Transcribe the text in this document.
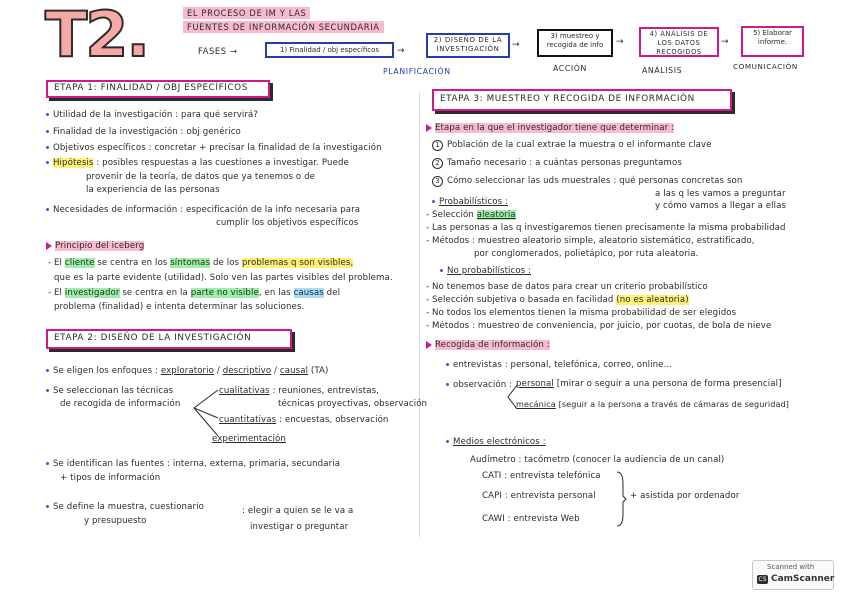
T2.	EL PROCESO DE IM Y LAS
FUENTES DE INFORMACIÓN SECUNDARIA
FASES →	1) Finalidad / obj específicos
PLANIFICACIÓN
→
2) DISEÑO DE LA INVESTIGACIÓN	→
3) muestreo y recogida de info
ACCIÓN
→
4) ANÁLISIS DE LOS DATOS RECOGIDOS
ANÁLISIS
→
5) Elaborar informe.
COMUNICACIÓN
ETAPA 1: FINALIDAD / OBJ ESPECÍFICOS
Utilidad de la investigación : para qué servirá?
Finalidad de la investigación : obj genérico
Objetivos específicos : concretar + precisar la finalidad de la investigación
Hipótesis : posibles respuestas a las cuestiones a investigar. Puede
provenir de la teoría, de datos que ya tenemos o de
la experiencia de las personas
Necesidades de información : especificación de la info necesaria para
cumplir los objetivos específicos
Principio del iceberg
- El cliente se centra en los síntomas de los problemas q son visibles,
que es la parte evidente (utilidad). Solo ven las partes visibles del problema.
- El investigador se centra en la parte no visible, en las causas del
problema (finalidad) e intenta determinar las soluciones.
ETAPA 2: DISEÑO DE LA INVESTIGACIÓN
Se eligen los enfoques : exploratorio / descriptivo / causal (TA)
Se seleccionan las técnicas
de recogida de información
cualitativas : reuniones, entrevistas,
técnicas proyectivas, observación
cuantitativas : encuestas, observación
experimentación
Se identifican las fuentes : interna, externa, primaria, secundaria
+ tipos de información
Se define la muestra, cuestionario
y presupuesto
: elegir a quien se le va a
investigar o preguntar
ETAPA 3: MUESTREO Y RECOGIDA DE INFORMACIÓN
Etapa en la que el investigador tiene que determinar :
1 Población de la cual extrae la muestra o el informante clave
2 Tamaño necesario : a cuántas personas preguntamos
3 Cómo seleccionar las uds muestrales : qué personas concretas son
a las q les vamos a preguntar
y cómo vamos a llegar a ellas
Probabilísticos :
- Selección aleatoria
- Las personas a las q investigaremos tienen precisamente la misma probabilidad
- Métodos : muestreo aleatorio simple, aleatorio sistemático, estratificado,
por conglomerados, polietápico, por ruta aleatoria.
No probabilísticos :
- No tenemos base de datos para crear un criterio probabilístico
- Selección subjetiva o basada en facilidad (no es aleatoria)
- No todos los elementos tienen la misma probabilidad de ser elegidos
- Métodos : muestreo de conveniencia, por juicio, por cuotas, de bola de nieve
Recogida de información :
entrevistas : personal, telefónica, correo, online...
observación : personal [mirar o seguir a una persona de forma presencial]
mecánica [seguir a la persona a través de cámaras de seguridad]
Medios electrónicos :
Audímetro : tacómetro (conocer la audiencia de un canal)
CATI : entrevista telefónica
CAPI : entrevista personal
CAWI : entrevista Web
+ asistida por ordenador
Scanned with
CS CamScanner
